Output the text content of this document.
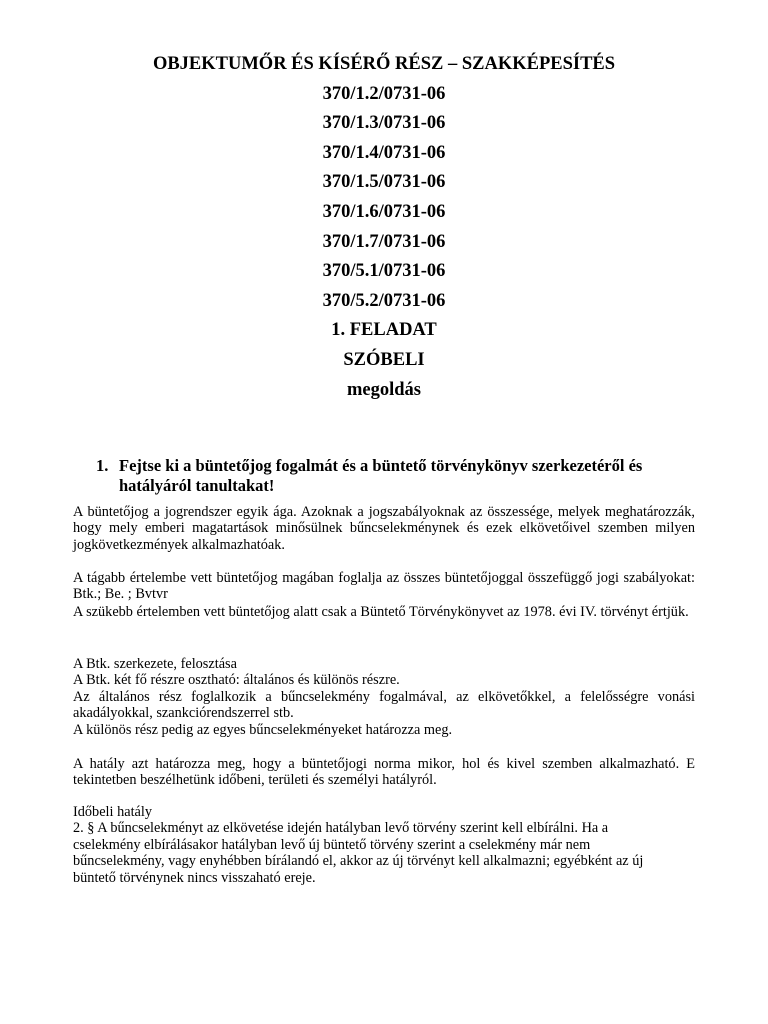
OBJEKTUMŐR ÉS KÍSÉRŐ RÉSZ – SZAKKÉPESÍTÉS
370/1.2/0731-06
370/1.3/0731-06
370/1.4/0731-06
370/1.5/0731-06
370/1.6/0731-06
370/1.7/0731-06
370/5.1/0731-06
370/5.2/0731-06
1. FELADAT
SZÓBELI
megoldás
1. Fejtse ki a büntetőjog fogalmát és a büntető törvénykönyv szerkezetéről és hatályáról tanultakat!
A büntetőjog a jogrendszer egyik ága. Azoknak a jogszabályoknak az összessége, melyek meghatározzák, hogy mely emberi magatartások minősülnek bűncselekménynek és ezek elkövetőivel szemben milyen jogkövetkezmények alkalmazhatóak.
A tágabb értelembe vett büntetőjog magában foglalja az összes büntetőjoggal összefüggő jogi szabályokat: Btk.; Be. ; Bvtvr
A szükebb értelemben vett büntetőjog alatt csak a Büntető Törvénykönyvet az 1978. évi IV. törvényt értjük.
A Btk. szerkezete, felosztása
A Btk. két fő részre osztható: általános és különös részre.
Az általános rész foglalkozik a bűncselekmény fogalmával, az elkövetőkkel, a felelősségre vonási akadályokkal, szankciórendszerrel stb.
A különös rész pedig az egyes bűncselekményeket határozza meg.
A hatály azt határozza meg, hogy a büntetőjogi norma mikor, hol és kivel szemben alkalmazható. E tekintetben beszélhetünk időbeni, területi és személyi hatályról.
Időbeli hatály
2. § A bűncselekményt az elkövetése idején hatályban levő törvény szerint kell elbírálni. Ha a
cselekmény elbírálásakor hatályban levő új büntető törvény szerint a cselekmény már nem
bűncselekmény, vagy enyhébben bírálandó el, akkor az új törvényt kell alkalmazni; egyébként az új
büntető törvénynek nincs visszaható ereje.
